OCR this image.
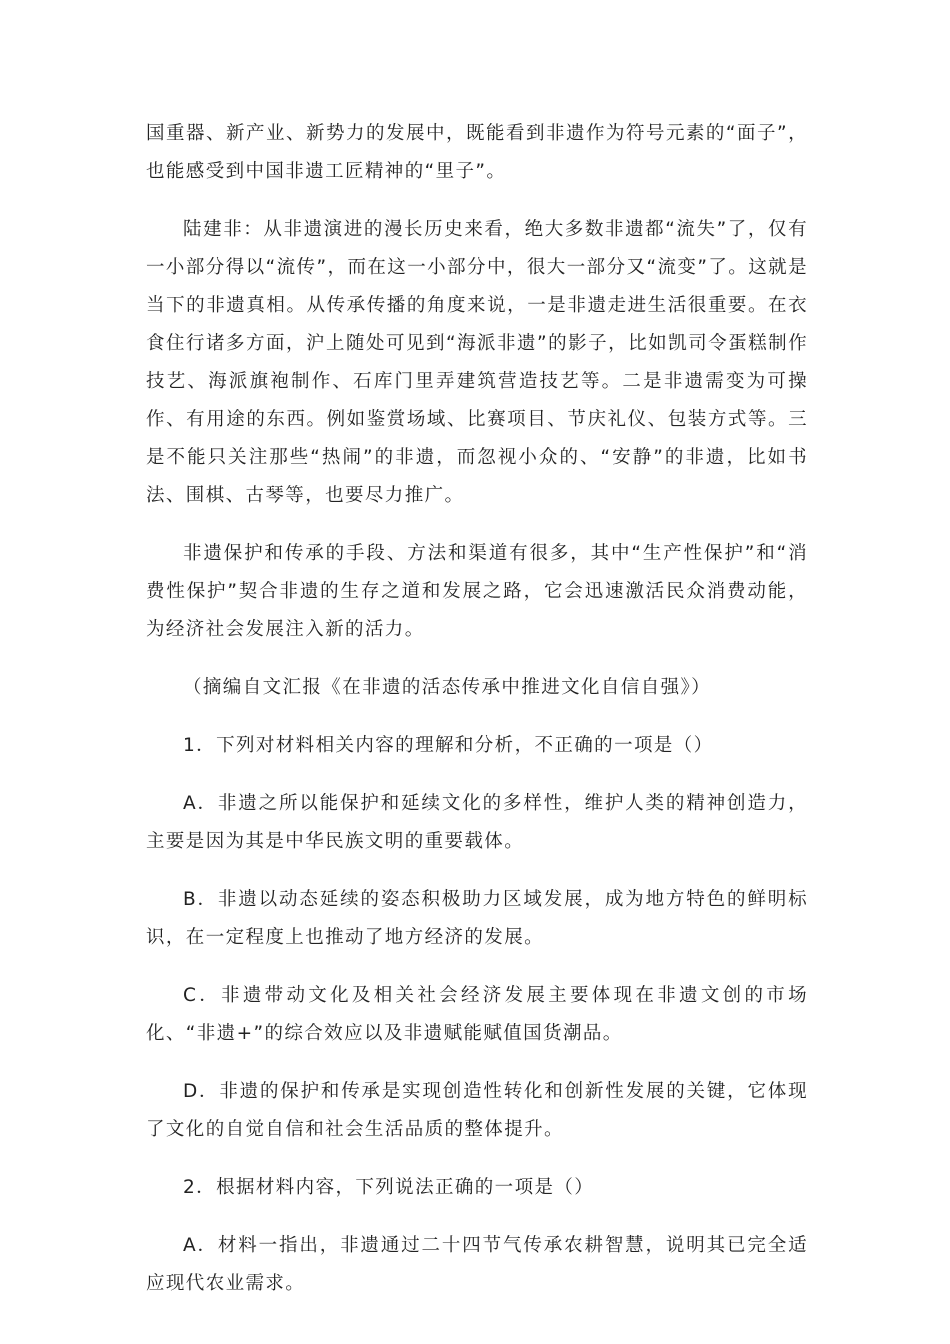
国重器、新产业、新势力的发展中，既能看到非遗作为符号元素的“面子”，也能感受到中国非遗工匠精神的“里子”。

陆建非：从非遗演进的漫长历史来看，绝大多数非遗都“流失”了，仅有一小部分得以“流传”，而在这一小部分中，很大一部分又“流变”了。这就是当下的非遗真相。从传承传播的角度来说，一是非遗走进生活很重要。在衣食住行诸多方面，沪上随处可见到“海派非遗”的影子，比如凯司令蛋糕制作技艺、海派旗袍制作、石库门里弄建筑营造技艺等。二是非遗需变为可操作、有用途的东西。例如鉴赏场域、比赛项目、节庆礼仪、包装方式等。三是不能只关注那些“热闹”的非遗，而忽视小众的、“安静”的非遗，比如书法、围棋、古琴等，也要尽力推广。

非遗保护和传承的手段、方法和渠道有很多，其中“生产性保护”和“消费性保护”契合非遗的生存之道和发展之路，它会迅速激活民众消费动能，为经济社会发展注入新的活力。

（摘编自文汇报《在非遗的活态传承中推进文化自信自强》）

1．下列对材料相关内容的理解和分析，不正确的一项是（）

A．非遗之所以能保护和延续文化的多样性，维护人类的精神创造力，主要是因为其是中华民族文明的重要载体。

B．非遗以动态延续的姿态积极助力区域发展，成为地方特色的鲜明标识，在一定程度上也推动了地方经济的发展。

C．非遗带动文化及相关社会经济发展主要体现在非遗文创的市场化、“非遗+”的综合效应以及非遗赋能赋值国货潮品。

D．非遗的保护和传承是实现创造性转化和创新性发展的关键，它体现了文化的自觉自信和社会生活品质的整体提升。

2．根据材料内容，下列说法正确的一项是（）

A．材料一指出，非遗通过二十四节气传承农耕智慧，说明其已完全适应现代农业需求。
